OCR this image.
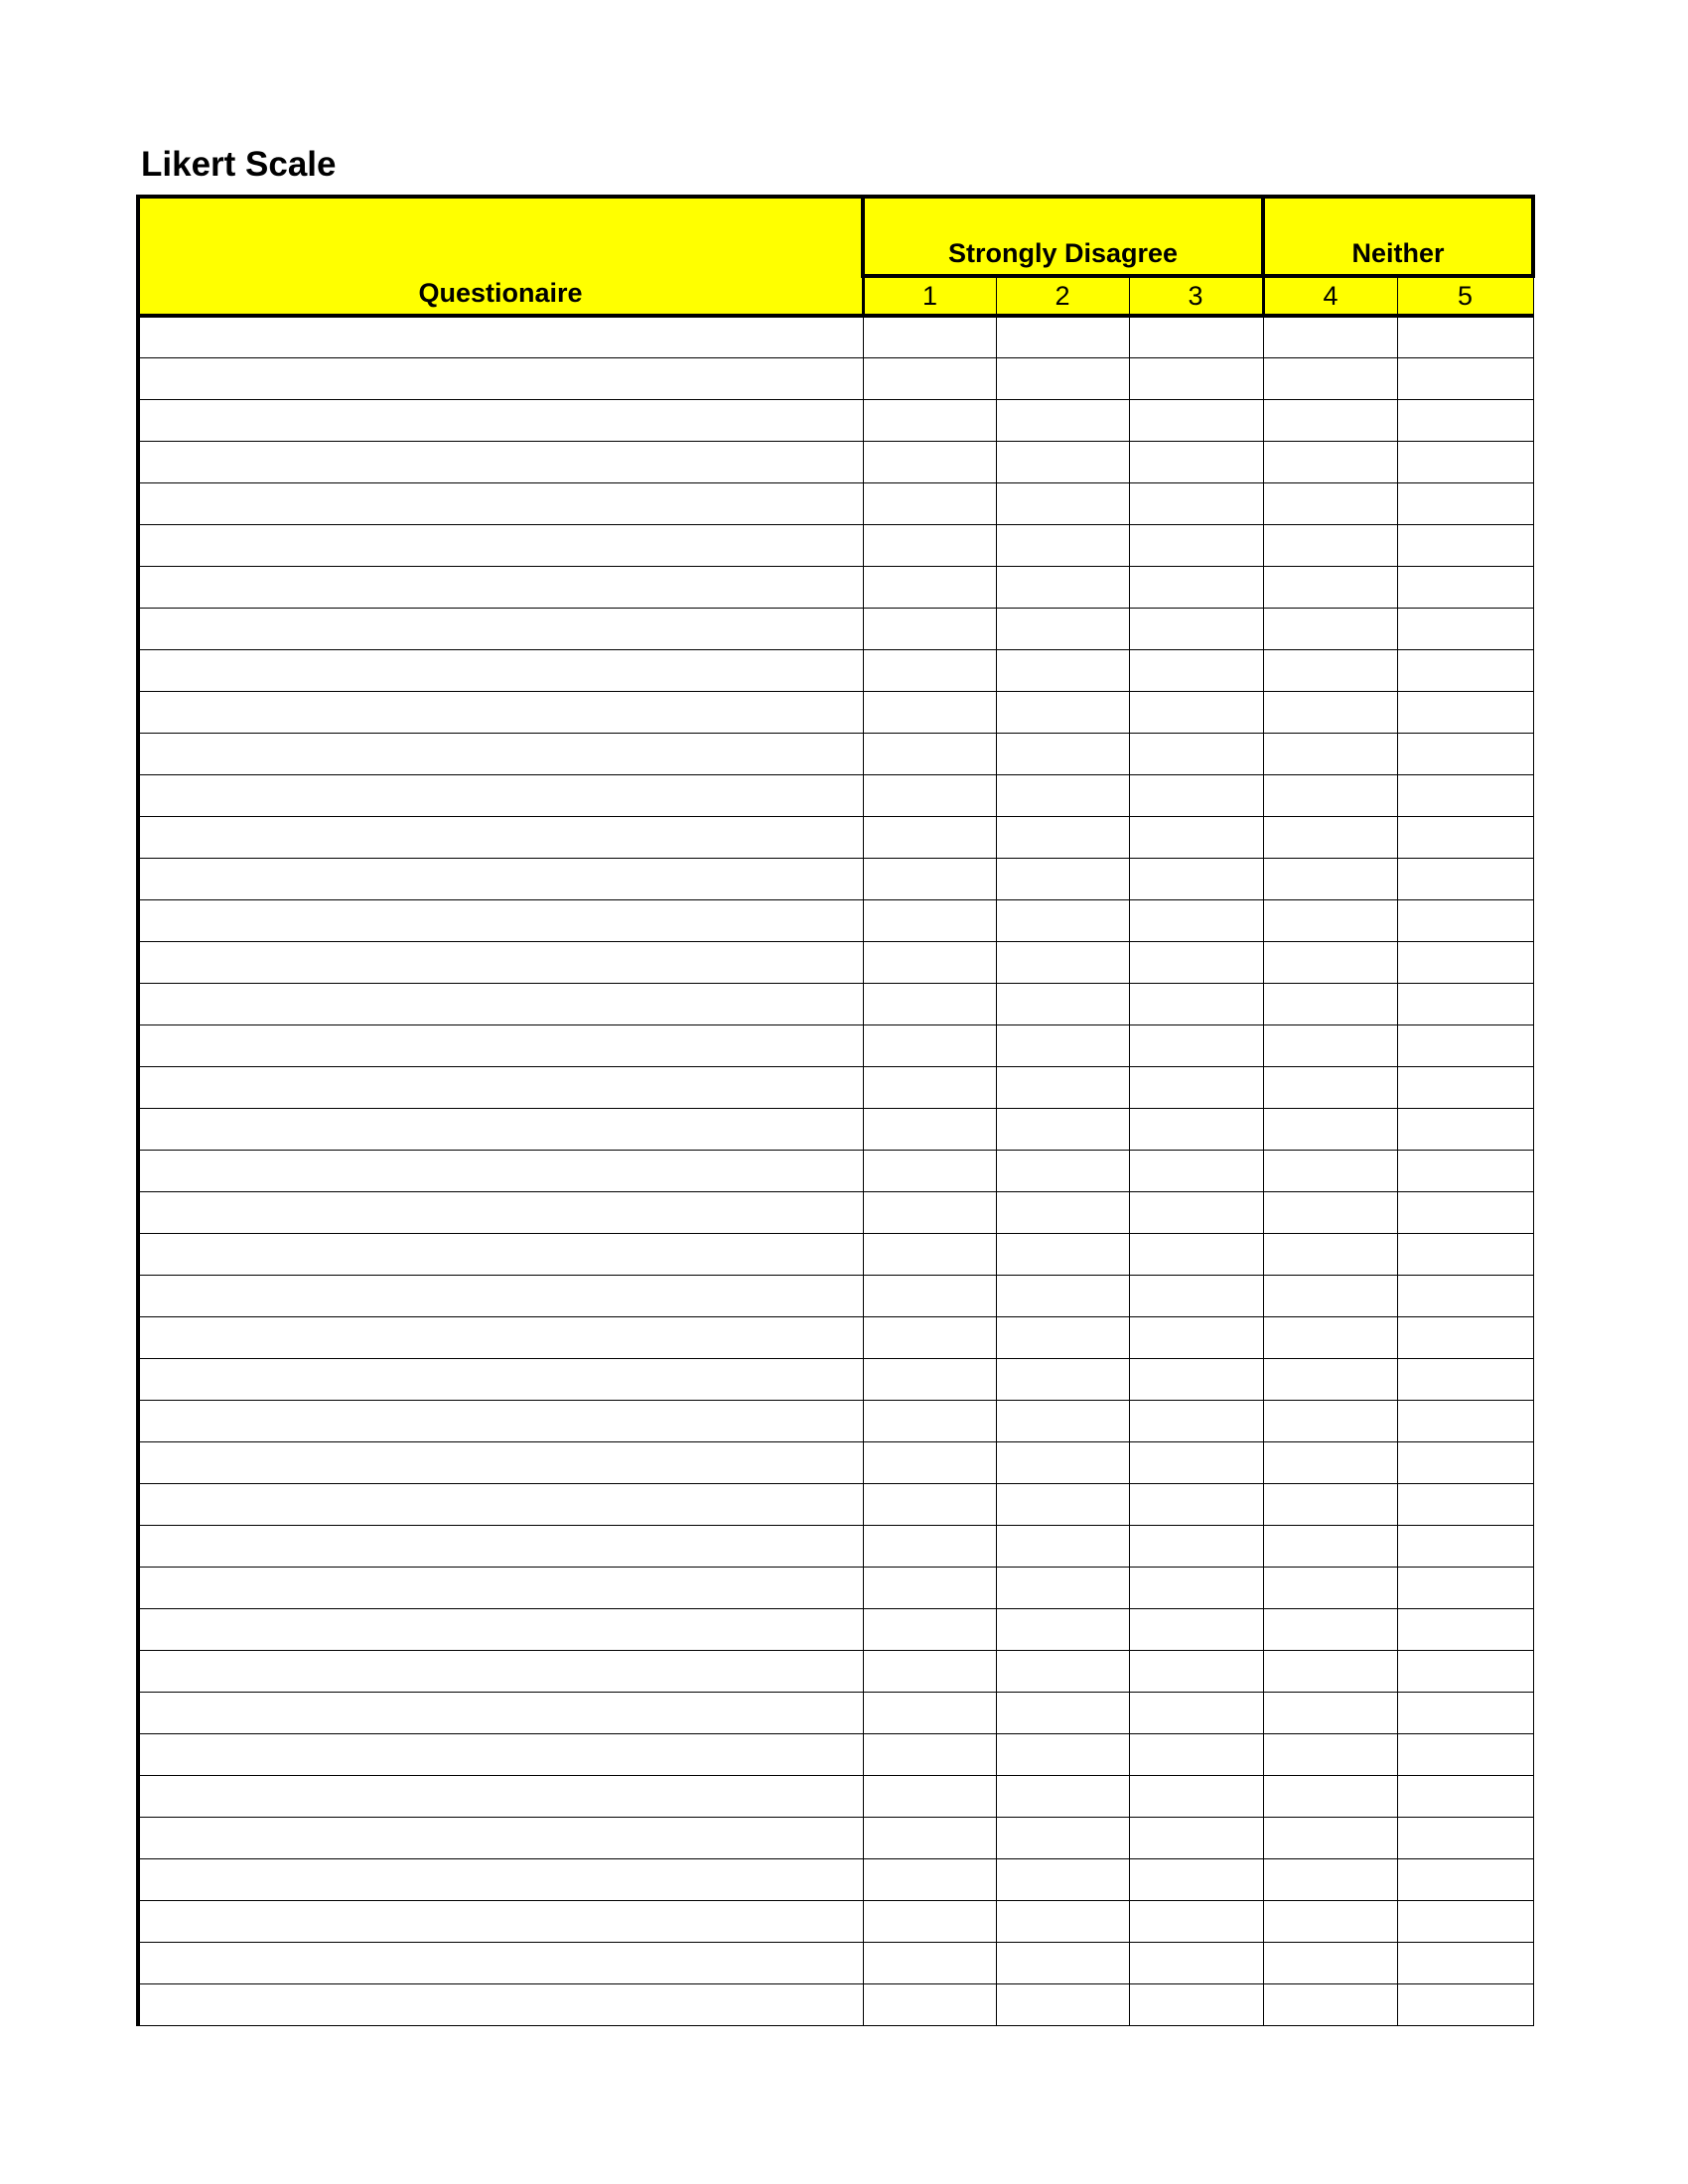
Likert Scale
Questionaire	Strongly Disagree			Neither	
	1	2	3	4	5
